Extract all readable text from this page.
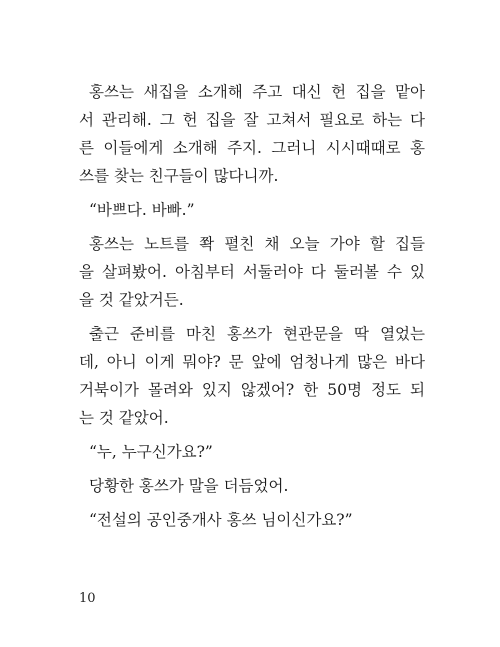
홍쓰는 새집을 소개해 주고 대신 헌 집을 맡아
서 관리해. 그 헌 집을 잘 고쳐서 필요로 하는 다
른 이들에게 소개해 주지. 그러니 시시때때로 홍
쓰를 찾는 친구들이 많다니까.
“바쁘다. 바빠.”
홍쓰는 노트를 쫙 펼친 채 오늘 가야 할 집들
을 살펴봤어. 아침부터 서둘러야 다 둘러볼 수 있
을 것 같았거든.
출근 준비를 마친 홍쓰가 현관문을 딱 열었는
데, 아니 이게 뭐야? 문 앞에 엄청나게 많은 바다
거북이가 몰려와 있지 않겠어? 한 50명 정도 되
는 것 같았어.
“누, 누구신가요?”
당황한 홍쓰가 말을 더듬었어.
“전설의 공인중개사 홍쓰 님이신가요?”
10
